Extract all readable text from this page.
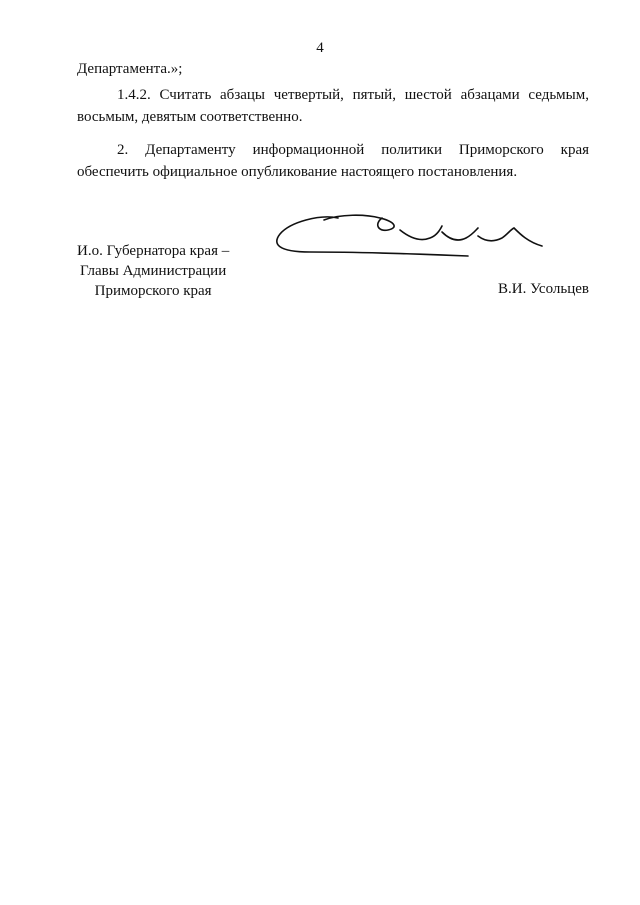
4
Департамента.»;
1.4.2. Считать абзацы четвертый, пятый, шестой абзацами седьмым, восьмым, девятым соответственно.
2. Департаменту информационной политики Приморского края обеспечить официальное опубликование настоящего постановления.
И.о. Губернатора края –
Главы Администрации
Приморского края	В.И. Усольцев
